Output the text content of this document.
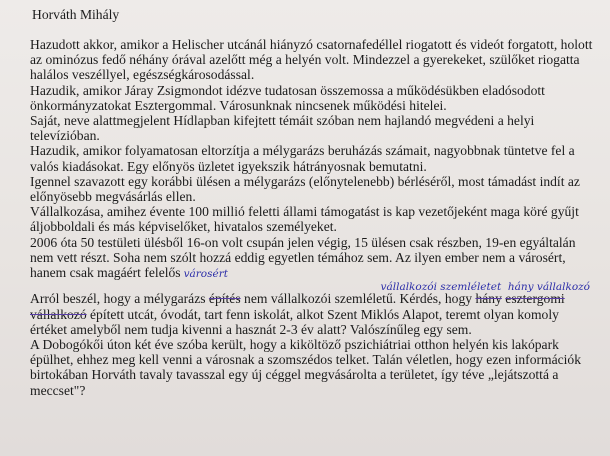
Horváth Mihály

Hazudott akkor, amikor a Helischer utcánál hiányzó csatornafedéllel riogatott és videót forgatott, holott az ominózus fedő néhány órával azelőtt még a helyén volt. Mindezzel a gyerekeket, szülőket riogatta halálos veszéllyel, egészségkárosodással.

Hazudik, amikor Járay Zsigmondot idézve tudatosan összemossa a működésükben eladósodott önkormányzatokat Esztergommal. Városunknak nincsenek működési hitelei.

Saját, neve alattmegjelent Hídlapban kifejtett témáit szóban nem hajlandó megvédeni a helyi televízióban.

Hazudik, amikor folyamatosan eltorzítja a mélygarázs beruházás számait, nagyobbnak tüntetve fel a valós kiadásokat. Egy előnyös üzletet igyekszik hátrányosnak bemutatni.

Igennel szavazott egy korábbi ülésen a mélygarázs (előnytelenebb) bérléséről, most támadást indít az előnyösebb megvásárlás ellen.

Vállalkozása, amihez évente 100 millió feletti állami támogatást is kap vezetőjeként maga köré gyűjt áljobboldali és más képviselőket, hivatalos személyeket.

2006 óta 50 testületi ülésből 16-on volt csupán jelen végig, 15 ülésen csak részben, 19-en egyáltalán nem vett részt. Soha nem szólt hozzá eddig egyetlen témához sem. Az ilyen ember nem a városért, hanem csak magáért felelős városért

vállalkozói szemléletet hány vállalkozó

Arról beszél, hogy a mélygarázs építés nem vállalkozói szemléletű. Kérdés, hogy hány esztergomi vállalkozó épített utcát, óvodát, tart fenn iskolát, alkot Szent Miklós Alapot, teremt olyan komoly értéket amelyből nem tudja kivenni a hasznát 2-3 év alatt? Valószínűleg egy sem.

A Dobogókői úton két éve szóba került, hogy a kiköltöző pszichiátriai otthon helyén kis lakópark épülhet, ehhez meg kell venni a városnak a szomszédos telket. Talán véletlen, hogy ezen információk birtokában Horváth tavaly tavasszal egy új céggel megvásárolta a területet, így téve „lejátszottá a meccset"?
